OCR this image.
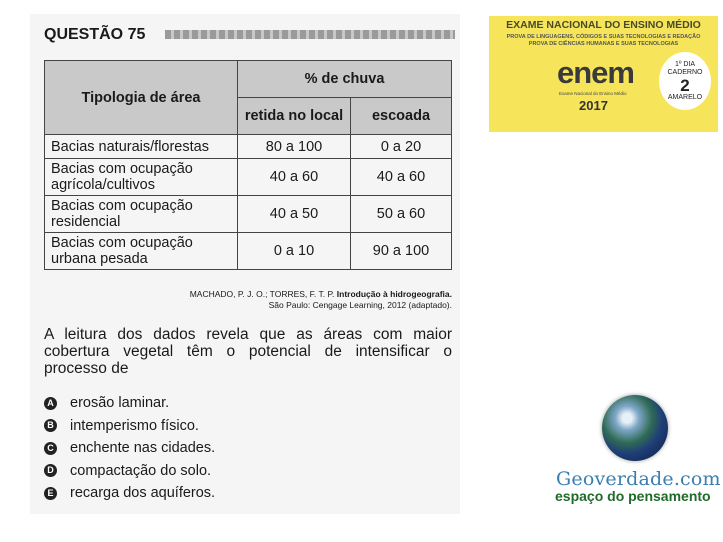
QUESTÃO 75
Tipologia de área	% de chuva	
	retida no local	escoada
Bacias naturais/florestas	80 a 100	0 a 20
Bacias com ocupação agrícola/cultivos	40 a 60	40 a 60
Bacias com ocupação residencial	40 a 50	50 a 60
Bacias com ocupação urbana pesada	0 a 10	90 a 100
MACHADO, P. J. O.; TORRES, F. T. P. Introdução à hidrogeografia.
São Paulo: Cengage Learning, 2012 (adaptado).
A leitura dos dados revela que as áreas com maior cobertura vegetal têm o potencial de intensificar o processo de
A erosão laminar.
B intemperismo físico.
C enchente nas cidades.
D compactação do solo.
E recarga dos aquíferos.
EXAME NACIONAL DO ENSINO MÉDIO
PROVA DE LINGUAGENS, CÓDIGOS E SUAS TECNOLOGIAS E REDAÇÃO
PROVA DE CIÊNCIAS HUMANAS E SUAS TECNOLOGIAS
enem
Exame Nacional do Ensino Médio
2017
1º DIA
CADERNO
2
AMARELO
Geoverdade.com
espaço do pensamento
